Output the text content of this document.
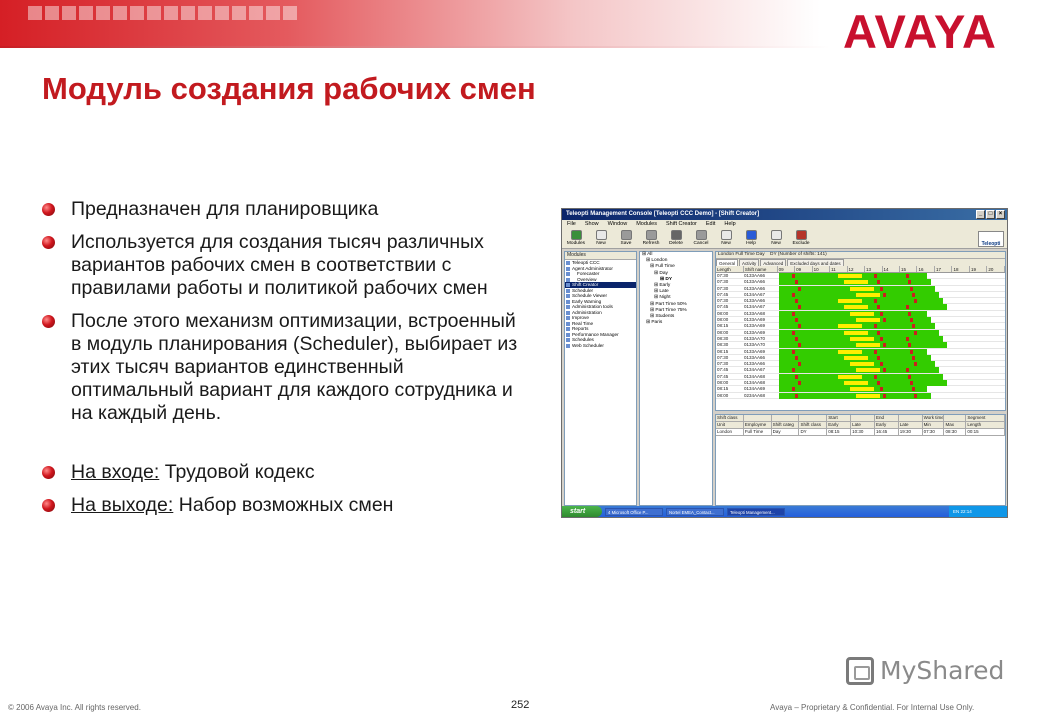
AVAYA
Модуль создания рабочих смен
Предназначен для планировщика
Используется для создания тысяч различных вариантов рабочих смен в соответствии с правилами работы и политикой рабочих смен
После этого механизм оптимизации, встроенный в модуль планирования (Scheduler), выбирает из этих тысяч вариантов единственный оптимальный вариант для каждого сотрудника и на каждый день.
На входе: Трудовой кодекс
На выходе: Набор возможных смен
Teleopti Management Console [Teleopti CCC Demo] - [Shift Creator]	_	□	×
File Show Window Modules Shift Creator Edit Help
Modules	New	Save	Refresh	Delete	Cancel	New	Help	New	Exclude	Teleopti
Modules
Teleopti CCC
Agent Administrator
Forecaster
Overview
Shift Creator
Scheduler
Schedule Viewer
Early Warning
Administration tools
Administration
Improve
Real Time
Reports
Performance Manager
Schedules
Web Scheduler
⊞ All
⊞ London
⊞ Full Time
⊞ Day
⊞ DY
⊞ Early
⊞ Late
⊞ Night
⊞ Part Time 50%
⊞ Part Time 75%
⊞ Students
⊞ Paris
London Full Time Day DY (Number of shifts: 141)
General	Activity	Advanced	Excluded days and dates
Length	Shift name	09	09	10	11	12	13	14	15	16	17	18	19	20
07:30	0133AA66
07:30	0133AA66
07:30	0133AA66
07:45	0134AA67
07:30	0133AA66
07:45	0134AA67
08:00	0133AA68
08:00	0133AA69
08:15	0133AA69
08:00	0133AA69
08:30	0133AA70
08:30	0133AA70
08:15	0133AA69
07:30	0133AA66
07:30	0133AA66
07:45	0134AA67
07:45	0134AA68
08:00	0134AA68
08:15	0134AA69
08:00	0234AA68
Shift class	Start	End	Work time	Segment
Unit	Employme	Shift categ	Shift class	Early	Late	Early	Late	Min	Max	Length
London	Full Time	Day	DY	08:15	10:30	16:45	19:30	07:30	08:30	00:15
start	4 Microsoft Office P...	Nortel EMEA_Contact...	Teleopti Management...	EN 22:14
MyShared
© 2006 Avaya Inc. All rights reserved.	252	Avaya – Proprietary & Confidential. For Internal Use Only.
